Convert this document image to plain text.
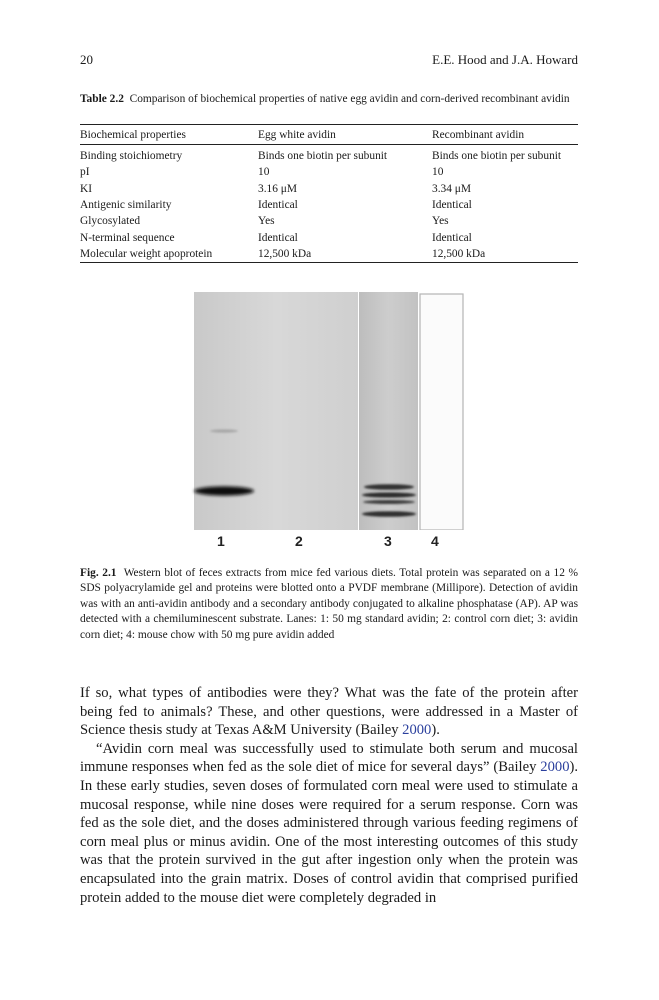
20	E.E. Hood and J.A. Howard
Table 2.2 Comparison of biochemical properties of native egg avidin and corn-derived recombinant avidin
Biochemical properties	Egg white avidin	Recombinant avidin
Binding stoichiometry	Binds one biotin per subunit	Binds one biotin per subunit
pI	10	10
KI	3.16 μM	3.34 μM
Antigenic similarity	Identical	Identical
Glycosylated	Yes	Yes
N-terminal sequence	Identical	Identical
Molecular weight apoprotein	12,500 kDa	12,500 kDa
1	2	3	4
Fig. 2.1 Western blot of feces extracts from mice fed various diets. Total protein was separated on a 12 % SDS polyacrylamide gel and proteins were blotted onto a PVDF membrane (Millipore). Detection of avidin was with an anti-avidin antibody and a secondary antibody conjugated to alkaline phosphatase (AP). AP was detected with a chemiluminescent substrate. Lanes: 1: 50 mg standard avidin; 2: control corn diet; 3: avidin corn diet; 4: mouse chow with 50 mg pure avidin added

If so, what types of antibodies were they? What was the fate of the protein after being fed to animals? These, and other questions, were addressed in a Master of Science thesis study at Texas A&M University (Bailey 2000).

“Avidin corn meal was successfully used to stimulate both serum and mucosal immune responses when fed as the sole diet of mice for several days” (Bailey 2000). In these early studies, seven doses of formulated corn meal were used to stimulate a mucosal response, while nine doses were required for a serum response. Corn was fed as the sole diet, and the doses administered through various feeding regimens of corn meal plus or minus avidin. One of the most interesting outcomes of this study was that the protein survived in the gut after ingestion only when the protein was encapsulated into the grain matrix. Doses of control avidin that comprised purified protein added to the mouse diet were completely degraded in
